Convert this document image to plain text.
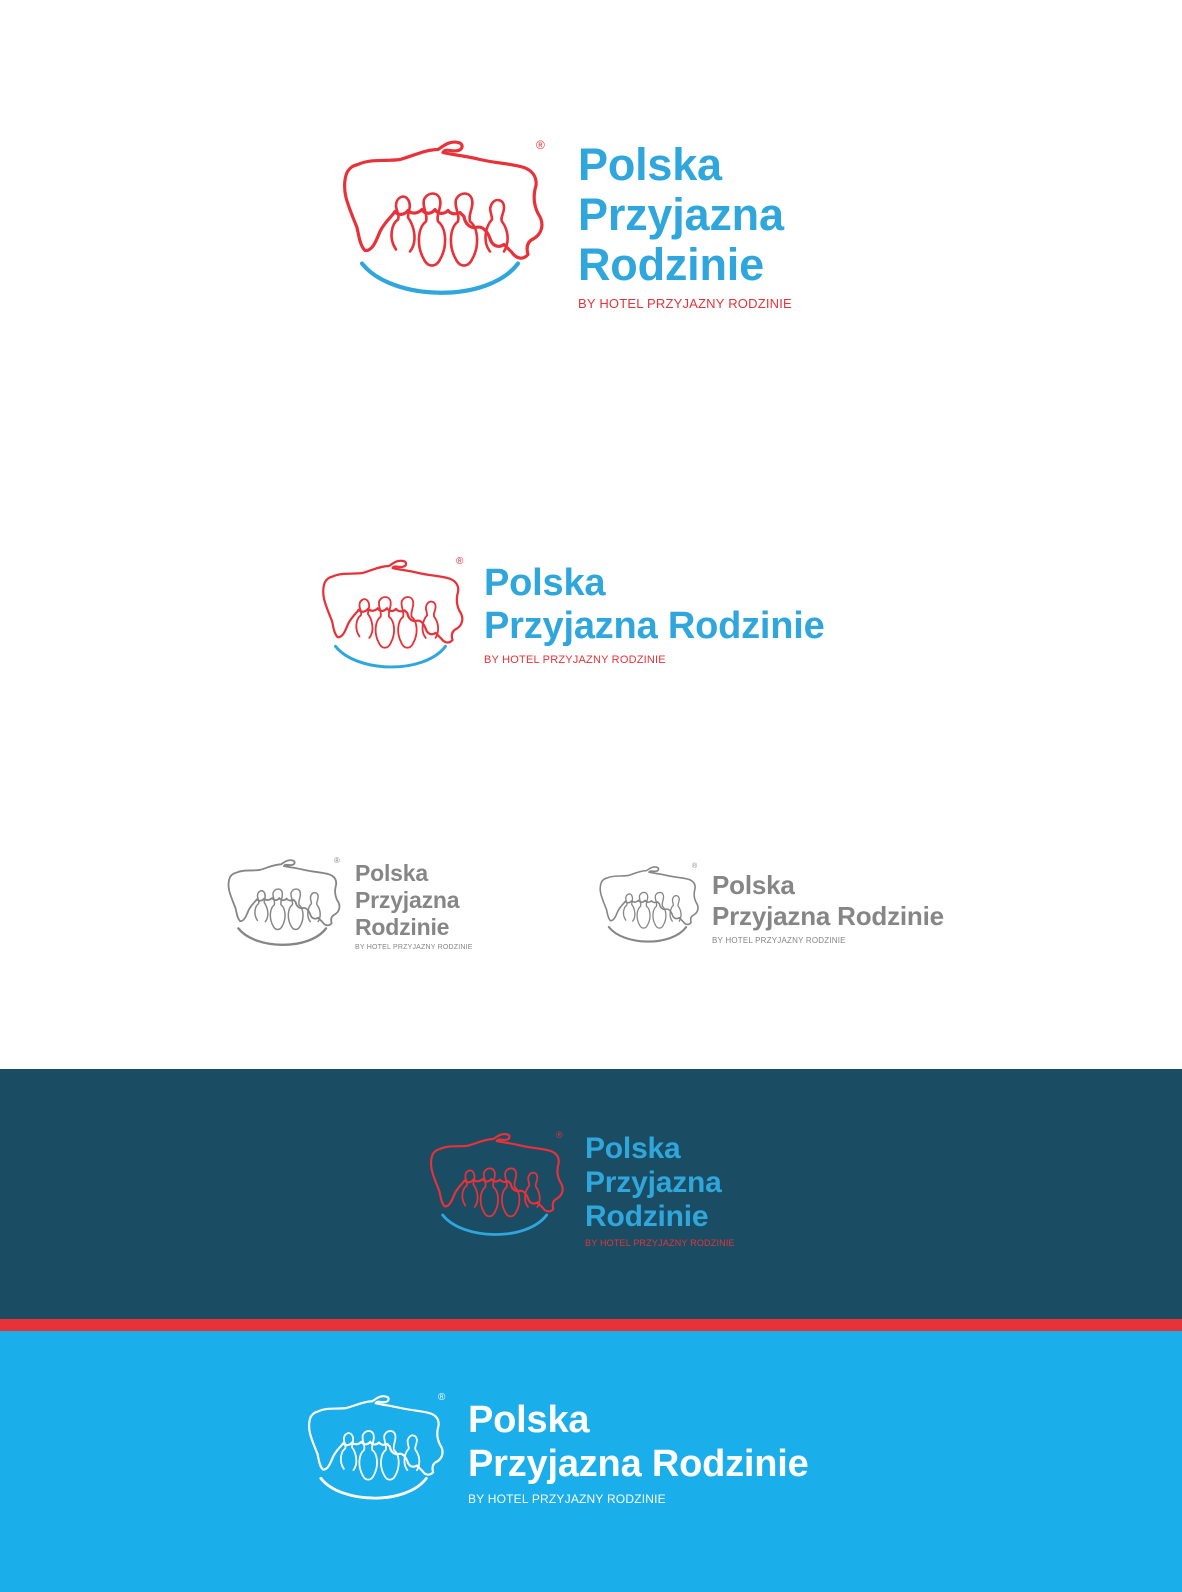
® Polska
Przyjazna
Rodzinie
BY HOTEL PRZYJAZNY RODZINIE
®
Polska
Przyjazna Rodzinie
BY HOTEL PRZYJAZNY RODZINIE
® Polska
Przyjazna
Rodzinie
BY HOTEL PRZYJAZNY RODZINIE
®
Polska
Przyjazna Rodzinie
BY HOTEL PRZYJAZNY RODZINIE
® Polska
Przyjazna
Rodzinie
BY HOTEL PRZYJAZNY RODZINIE
®
Polska
Przyjazna Rodzinie
BY HOTEL PRZYJAZNY RODZINIE
